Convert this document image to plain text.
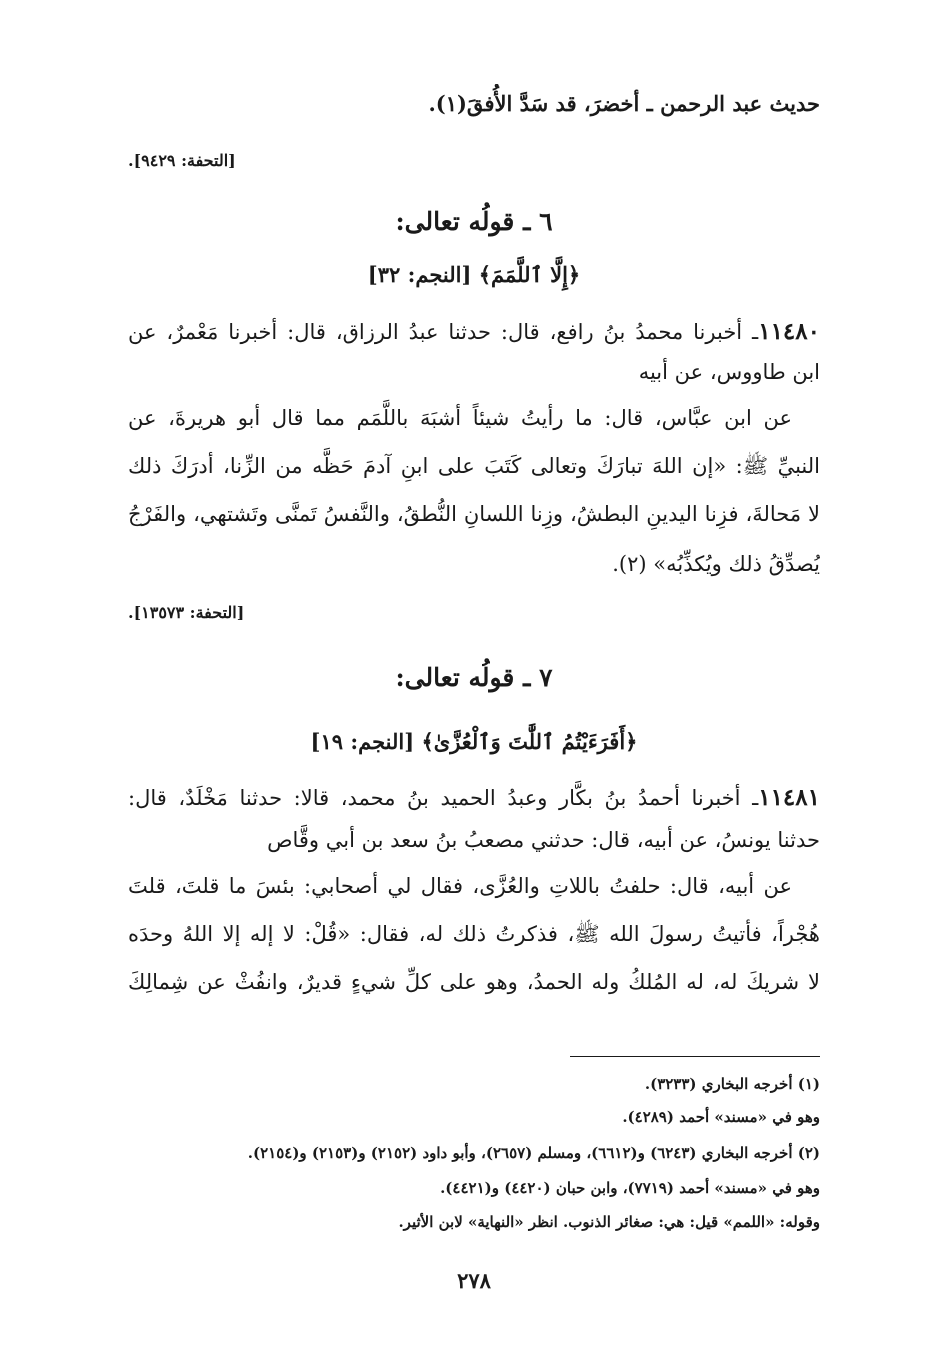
حديث عبد الرحمن ـ أخضرَ، قد سَدَّ الأُفقَ(١).
[التحفة: ٩٤٢٩].
٦ ـ قولُه تعالى:
﴿إِلَّا ٱللَّمَمَ﴾ [النجم: ٣٢]
١١٤٨٠ـ أخبرنا محمدُ بنُ رافع، قال: حدثنا عبدُ الرزاق، قال: أخبرنا مَعْمرٌ، عن
ابن طاووس، عن أبيه
عن ابن عبَّاس، قال: ما رأيتُ شيئاً أشبَهَ باللَّمَم مما قال أبو هريرةَ، عن
النبيِّ ﷺ: «إن اللهَ تبارَكَ وتعالى كَتَبَ على ابنِ آدمَ حَظَّه من الزِّنا، أدرَكَ ذلك
لا مَحالةَ، فزِنا اليدينِ البطشُ، وزِنا اللسانِ النُّطقُ، والنَّفسُ تَمنَّى وتَشتهي، والفَرْجُ
يُصدِّقُ ذلك ويُكذِّبُه» (٢).
[التحفة: ١٣٥٧٣].
٧ ـ قولُه تعالى:
﴿أَفَرَءَيْتُمُ ٱللَّٰتَ وَٱلْعُزَّىٰ﴾ [النجم: ١٩]
١١٤٨١ـ أخبرنا أحمدُ بنُ بكَّار وعبدُ الحميد بنُ محمد، قالا: حدثنا مَخْلَدٌ، قال:
حدثنا يونسُ، عن أبيه، قال: حدثني مصعبُ بنُ سعد بن أبي وقَّاص
عن أبيه، قال: حلفتُ باللاتِ والعُزَّى، فقال لي أصحابي: بئسَ ما قلتَ، قلتَ
هُجْراً، فأتيتُ رسولَ الله ﷺ، فذكرتُ ذلك له، فقال: «قُلْ: لا إله إلا اللهُ وحدَه
لا شريكَ له، له المُلكُ وله الحمدُ، وهو على كلِّ شيءٍ قديرٌ، وانفُثْ عن شِمالِكَ
(١) أخرجه البخاري (٣٢٣٣).
وهو في «مسند» أحمد (٤٢٨٩).
(٢) أخرجه البخاري (٦٢٤٣) و(٦٦١٢)، ومسلم (٢٦٥٧)، وأبو داود (٢١٥٢) و(٢١٥٣) و(٢١٥٤).
وهو في «مسند» أحمد (٧٧١٩)، وابن حبان (٤٤٢٠) و(٤٤٢١).
وقوله: «اللمم» قيل: هي: صغائر الذنوب. انظر «النهاية» لابن الأثير.
٢٧٨
